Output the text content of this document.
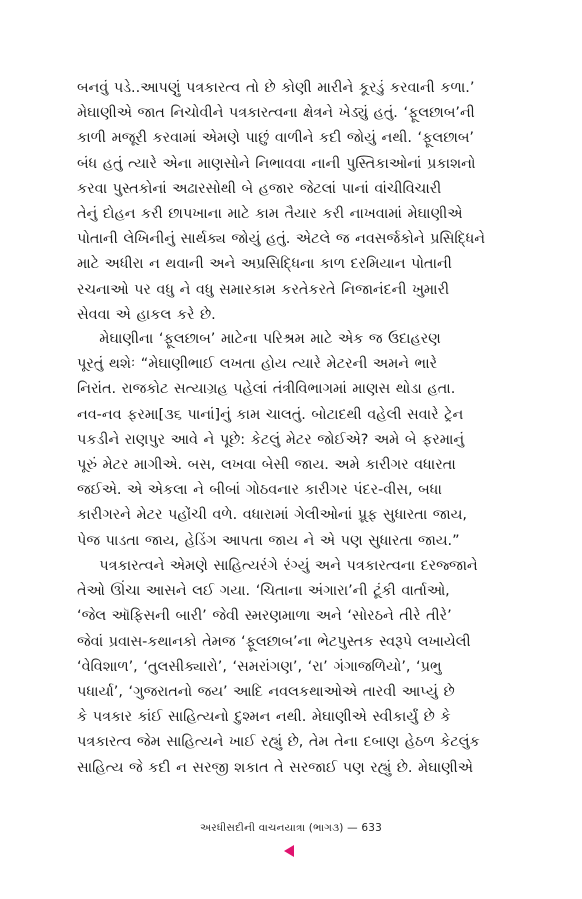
બનવું પડે..આપણું પત્રકારત્વ તો છે કોણી મારીને કૂરડું કરવાની કળા.’
મેઘાણીએ જાત નિચોવીને પત્રકારત્વના ક્ષેત્રને ખેડ્યું હતું. ‘ફૂલછાબ’ની
કાળી મજૂરી કરવામાં એમણે પાછું વાળીને કદી જોયું નથી. ‘ફૂલછાબ’
બંધ હતું ત્યારે એના માણસોને નિભાવવા નાની પુસ્તિકાઓનાં પ્રકાશનો
કરવા પુસ્તકોનાં અઢારસોથી બે હજાર જેટલાં પાનાં વાંચીવિચારી
તેનું દોહન કરી છાપખાના માટે કામ તૈયાર કરી નાખવામાં મેઘાણીએ
પોતાની લેખિનીનું સાર્થક્ય જોયું હતું. એટલે જ નવસર્જકોને પ્રસિદ્ધિને
માટે અધીરા ન થવાની અને અપ્રસિદ્ધિના કાળ દરમિયાન પોતાની
રચનાઓ પર વધુ ને વધુ સમારકામ કરતેકરતે નિજાનંદની ખુમારી
સેવવા એ હાકલ કરે છે.
મેઘાણીના ‘ફૂલછાબ’ માટેના પરિશ્રમ માટે એક જ ઉદાહરણ
પૂરતું થશેઃ “મેઘાણીભાઈ લખતા હોય ત્યારે મેટરની અમને ભારે
નિરાંત. રાજકોટ સત્યાગ્રહ પહેલાં તંત્રીવિભાગમાં માણસ થોડા હતા.
નવ-નવ ફરમા[૩૬ પાનાં]નું કામ ચાલતું. બોટાદથી વહેલી સવારે ટ્રેન
પકડીને રાણપુર આવે ને પૂછે: કેટલું મેટર જોઈએ? અમે બે ફરમાનું
પૂરું મેટર માગીએ. બસ, લખવા બેસી જાય. અમે કારીગર વધારતા
જઈએ. એ એકલા ને બીબાં ગોઠવનાર કારીગર પંદર-વીસ, બધા
કારીગરને મેટર પહોંચી વળે. વધારામાં ગેલીઓનાં પ્રૂફ સુધારતા જાય,
પેજ પાડતા જાય, હેડિંગ આપતા જાય ને એ પણ સુધારતા જાય.”
પત્રકારત્વને એમણે સાહિત્યરંગે રંગ્યું અને પત્રકારત્વના દરજ્જાને
તેઓ ઊંચા આસને લઈ ગયા. ‘ચિતાના અંગારા’ની ટૂંકી વાર્તાઓ,
‘જેલ ઑફિસની બારી’ જેવી સ્મરણમાળા અને ‘સોરઠને તીરે તીરે’
જેવાં પ્રવાસ-કથાનકો તેમજ ‘ફૂલછાબ’ના ભેટપુસ્તક સ્વરૂપે લખાયેલી
‘વેવિશાળ’, ‘તુલસીક્યારો’, ‘સમરાંગણ’, ‘રા’ ગંગાજળિયો’, ‘પ્રભુ
પધાર્યા’, ‘ગુજરાતનો જય’ આદિ નવલકથાઓએ તારવી આપ્યું છે
કે પત્રકાર કાંઈ સાહિત્યનો દુશ્મન નથી. મેઘાણીએ સ્વીકાર્યું છે કે
પત્રકારત્વ જેમ સાહિત્યને ખાઈ રહ્યું છે, તેમ તેના દબાણ હેઠળ કેટલુંક
સાહિત્ય જે કદી ન સરજી શકાત તે સરજાઈ પણ રહ્યું છે. મેઘાણીએ
અરધીસદીની વાચનયાત્રા (ભાગ૩) — 633
